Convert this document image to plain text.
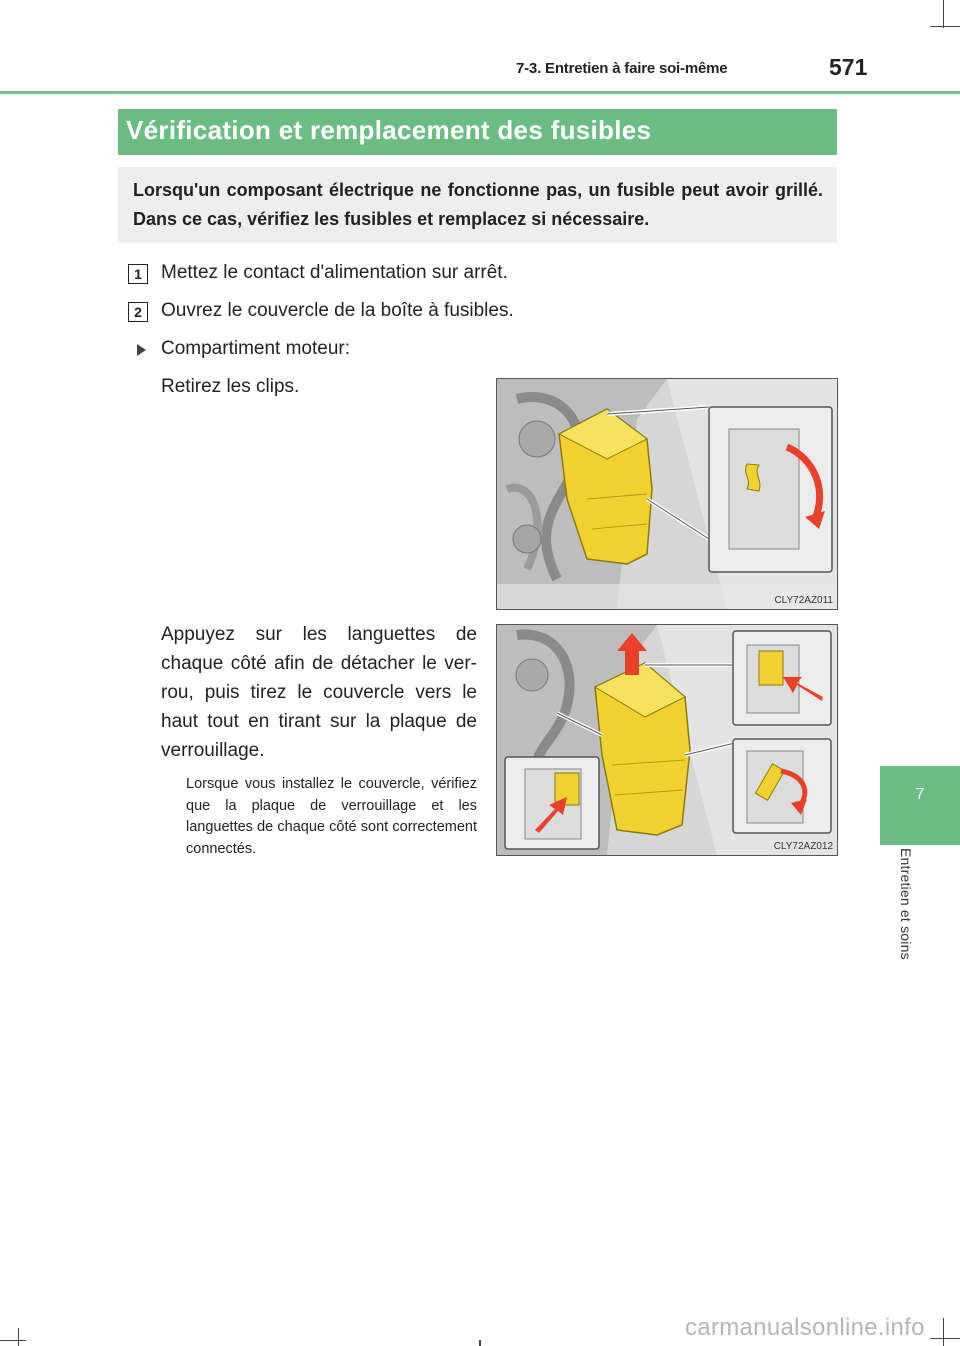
7-3. Entretien à faire soi-même	571
7
Entretien et soins
Vérification et remplacement des fusibles
Lorsqu'un composant électrique ne fonctionne pas, un fusible peut avoir grillé. Dans ce cas, vérifiez les fusibles et remplacez si nécessaire.
1	Mettez le contact d'alimentation sur arrêt.
2	Ouvrez le couvercle de la boîte à fusibles.
Compartiment moteur:
Retirez les clips.
Appuyez sur les languettes de chaque côté afin de détacher le ver-rou, puis tirez le couvercle vers le haut tout en tirant sur la plaque de verrouillage.
Lorsque vous installez le couvercle, vérifiez que la plaque de verrouillage et les languettes de chaque côté sont correctement connectés.
CLY72AZ011
CLY72AZ012
carmanualsonline.info
